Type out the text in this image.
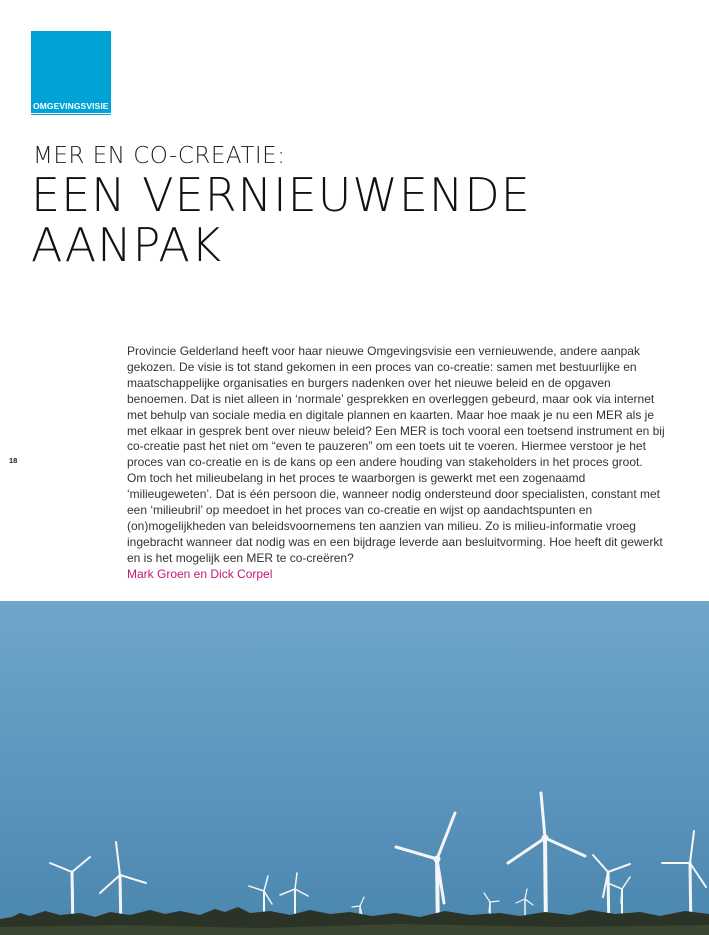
OMGEVINGSVISIE
MER EN CO-CREATIE:
EEN VERNIEUWENDE AANPAK
18

Provincie Gelderland heeft voor haar nieuwe Omgevingsvisie een vernieuwende, andere aanpak gekozen. De visie is tot stand gekomen in een proces van co-creatie: samen met bestuurlijke en maatschappelijke organisaties en burgers nadenken over het nieuwe beleid en de opgaven benoemen. Dat is niet alleen in ‘normale’ gesprekken en overleggen gebeurd, maar ook via internet met behulp van sociale media en digitale plannen en kaarten. Maar hoe maak je nu een MER als je met elkaar in gesprek bent over nieuw beleid? Een MER is toch vooral een toetsend instrument en bij co-creatie past het niet om “even te pauzeren” om een toets uit te voeren. Hiermee verstoor je het proces van co-creatie en is de kans op een andere houding van stakeholders in het proces groot.

Om toch het milieubelang in het proces te waarborgen is gewerkt met een zogenaamd ‘milieugeweten’. Dat is één persoon die, wanneer nodig ondersteund door specialisten, constant met een ‘milieubril’ op meedoet in het proces van co-creatie en wijst op aandachtspunten en (on)mogelijkheden van beleidsvoornemens ten aanzien van milieu. Zo is milieu-informatie vroeg ingebracht wanneer dat nodig was en een bijdrage leverde aan besluitvorming. Hoe heeft dit gewerkt en is het mogelijk een MER te co-creëren?

Mark Groen en Dick Corpel
